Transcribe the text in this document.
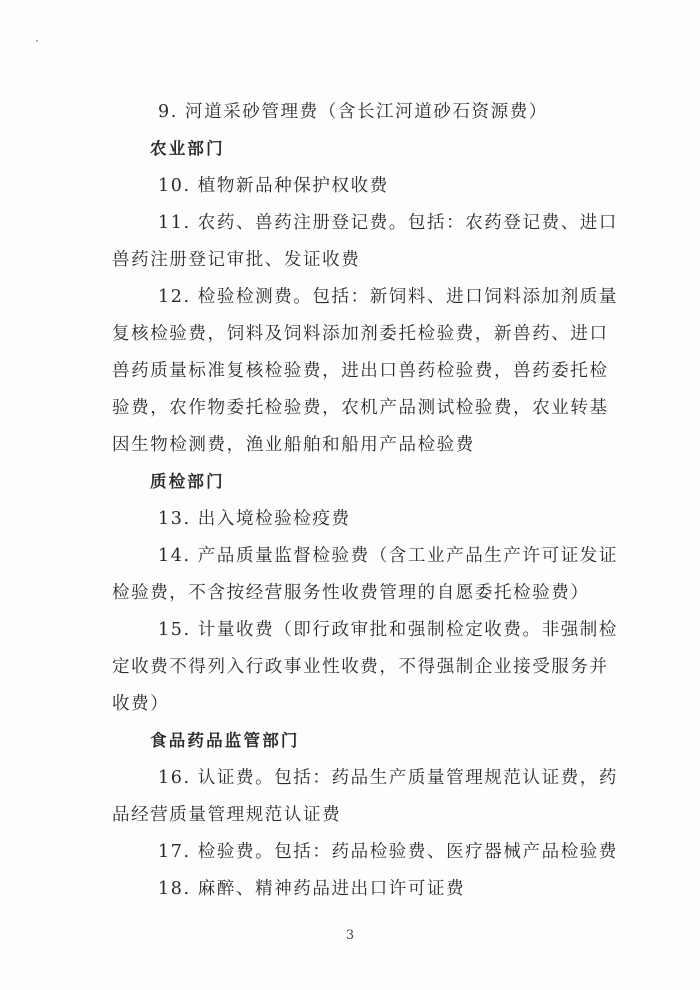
9. 河道采砂管理费（含长江河道砂石资源费）
农业部门
10. 植物新品种保护权收费
11. 农药、兽药注册登记费。包括：农药登记费、进口
兽药注册登记审批、发证收费
12. 检验检测费。包括：新饲料、进口饲料添加剂质量
复核检验费，饲料及饲料添加剂委托检验费，新兽药、进口
兽药质量标准复核检验费，进出口兽药检验费，兽药委托检
验费，农作物委托检验费，农机产品测试检验费，农业转基
因生物检测费，渔业船舶和船用产品检验费
质检部门
13. 出入境检验检疫费
14. 产品质量监督检验费（含工业产品生产许可证发证
检验费，不含按经营服务性收费管理的自愿委托检验费）
15. 计量收费（即行政审批和强制检定收费。非强制检
定收费不得列入行政事业性收费，不得强制企业接受服务并
收费）
食品药品监管部门
16. 认证费。包括：药品生产质量管理规范认证费，药
品经营质量管理规范认证费
17. 检验费。包括：药品检验费、医疗器械产品检验费
18. 麻醉、精神药品进出口许可证费
3
